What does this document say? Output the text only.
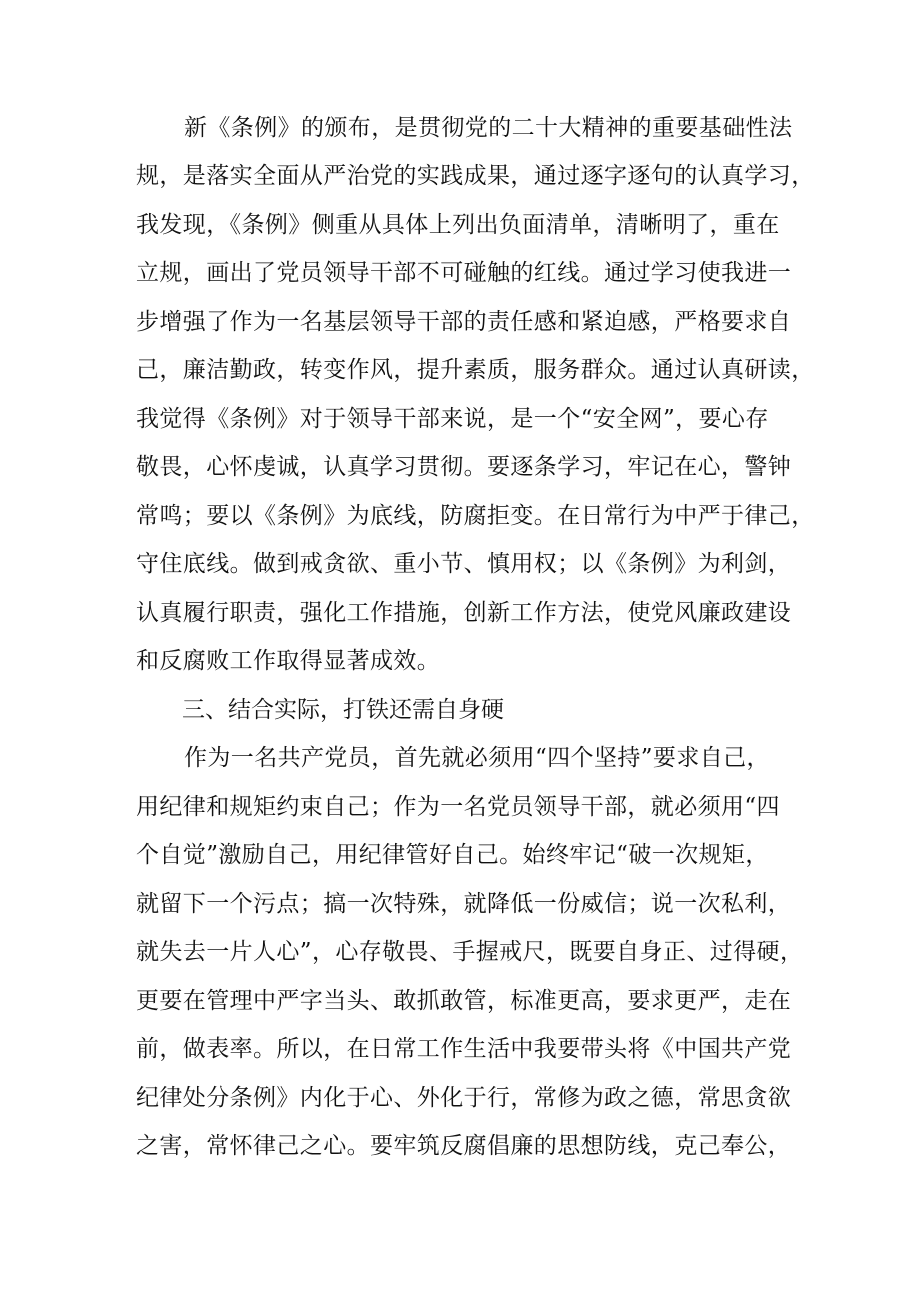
新《条例》的颁布，是贯彻党的二十大精神的重要基础性法
规，是落实全面从严治党的实践成果，通过逐字逐句的认真学习，
我发现，《条例》侧重从具体上列出负面清单，清晰明了，重在
立规，画出了党员领导干部不可碰触的红线。通过学习使我进一
步增强了作为一名基层领导干部的责任感和紧迫感，严格要求自
己，廉洁勤政，转变作风，提升素质，服务群众。通过认真研读，
我觉得《条例》对于领导干部来说，是一个“安全网”，要心存
敬畏，心怀虔诚，认真学习贯彻。要逐条学习，牢记在心，警钟
常鸣；要以《条例》为底线，防腐拒变。在日常行为中严于律己，
守住底线。做到戒贪欲、重小节、慎用权；以《条例》为利剑，
认真履行职责，强化工作措施，创新工作方法，使党风廉政建设
和反腐败工作取得显著成效。
三、结合实际，打铁还需自身硬
作为一名共产党员，首先就必须用“四个坚持”要求自己，
用纪律和规矩约束自己；作为一名党员领导干部，就必须用“四
个自觉”激励自己，用纪律管好自己。始终牢记“破一次规矩，
就留下一个污点；搞一次特殊，就降低一份威信；说一次私利，
就失去一片人心”，心存敬畏、手握戒尺，既要自身正、过得硬，
更要在管理中严字当头、敢抓敢管，标准更高，要求更严，走在
前，做表率。所以，在日常工作生活中我要带头将《中国共产党
纪律处分条例》内化于心、外化于行，常修为政之德，常思贪欲
之害，常怀律己之心。要牢筑反腐倡廉的思想防线，克己奉公，
